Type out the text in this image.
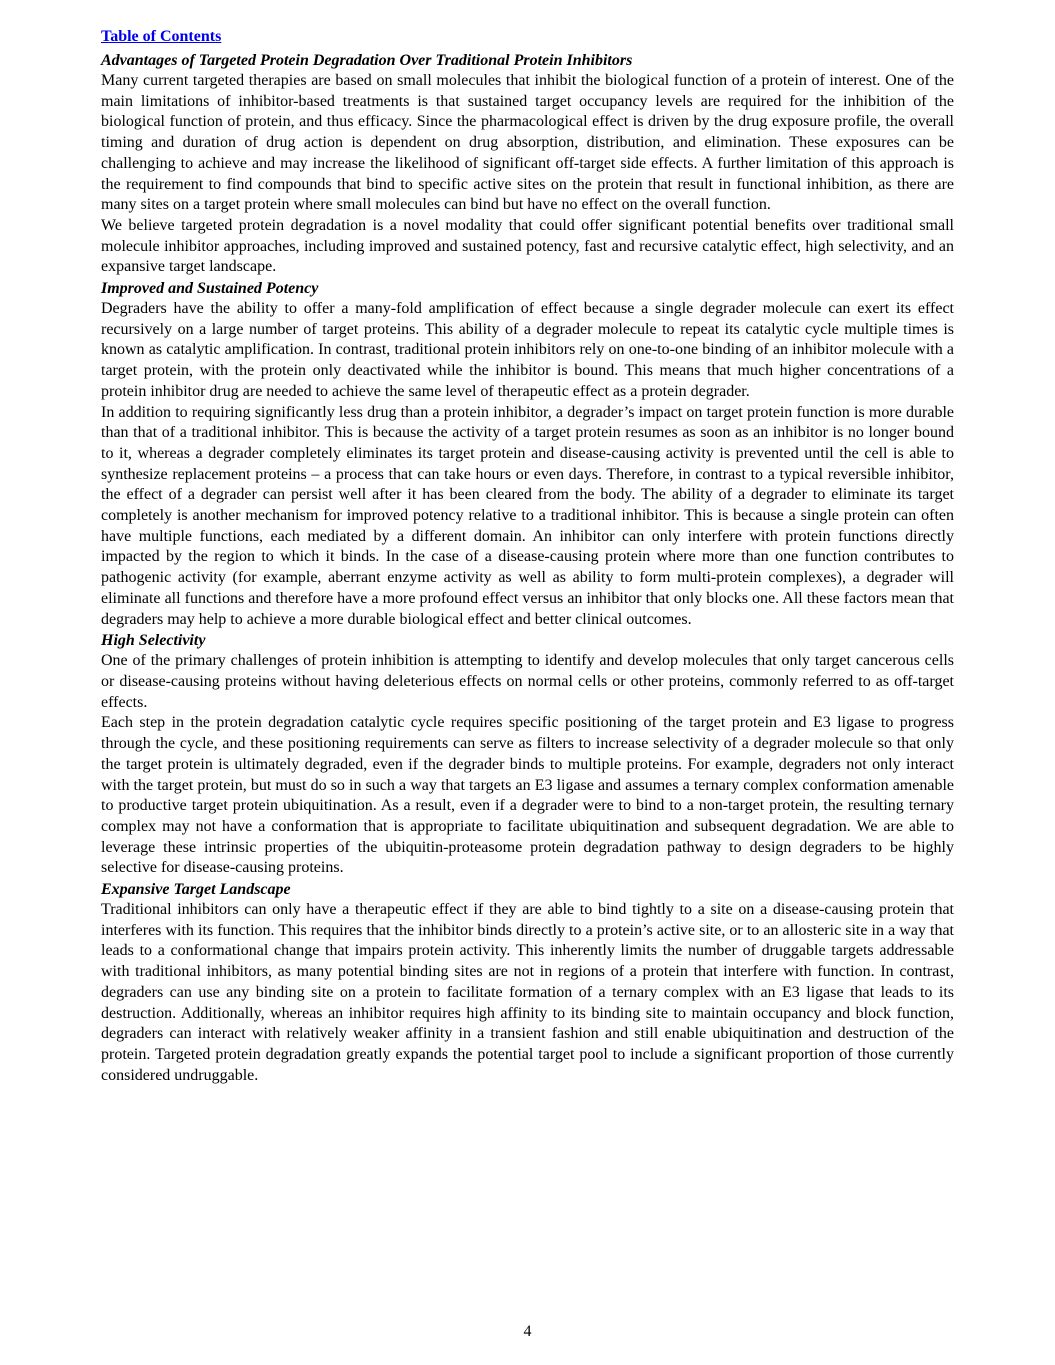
Table of Contents
Advantages of Targeted Protein Degradation Over Traditional Protein Inhibitors

Many current targeted therapies are based on small molecules that inhibit the biological function of a protein of interest. One of the main limitations of inhibitor-based treatments is that sustained target occupancy levels are required for the inhibition of the biological function of protein, and thus efficacy. Since the pharmacological effect is driven by the drug exposure profile, the overall timing and duration of drug action is dependent on drug absorption, distribution, and elimination. These exposures can be challenging to achieve and may increase the likelihood of significant off-target side effects. A further limitation of this approach is the requirement to find compounds that bind to specific active sites on the protein that result in functional inhibition, as there are many sites on a target protein where small molecules can bind but have no effect on the overall function.

We believe targeted protein degradation is a novel modality that could offer significant potential benefits over traditional small molecule inhibitor approaches, including improved and sustained potency, fast and recursive catalytic effect, high selectivity, and an expansive target landscape.

Improved and Sustained Potency

Degraders have the ability to offer a many-fold amplification of effect because a single degrader molecule can exert its effect recursively on a large number of target proteins. This ability of a degrader molecule to repeat its catalytic cycle multiple times is known as catalytic amplification. In contrast, traditional protein inhibitors rely on one-to-one binding of an inhibitor molecule with a target protein, with the protein only deactivated while the inhibitor is bound. This means that much higher concentrations of a protein inhibitor drug are needed to achieve the same level of therapeutic effect as a protein degrader.

In addition to requiring significantly less drug than a protein inhibitor, a degrader’s impact on target protein function is more durable than that of a traditional inhibitor. This is because the activity of a target protein resumes as soon as an inhibitor is no longer bound to it, whereas a degrader completely eliminates its target protein and disease-causing activity is prevented until the cell is able to synthesize replacement proteins – a process that can take hours or even days. Therefore, in contrast to a typical reversible inhibitor, the effect of a degrader can persist well after it has been cleared from the body. The ability of a degrader to eliminate its target completely is another mechanism for improved potency relative to a traditional inhibitor. This is because a single protein can often have multiple functions, each mediated by a different domain. An inhibitor can only interfere with protein functions directly impacted by the region to which it binds. In the case of a disease-causing protein where more than one function contributes to pathogenic activity (for example, aberrant enzyme activity as well as ability to form multi-protein complexes), a degrader will eliminate all functions and therefore have a more profound effect versus an inhibitor that only blocks one. All these factors mean that degraders may help to achieve a more durable biological effect and better clinical outcomes.

High Selectivity

One of the primary challenges of protein inhibition is attempting to identify and develop molecules that only target cancerous cells or disease-causing proteins without having deleterious effects on normal cells or other proteins, commonly referred to as off-target effects.

Each step in the protein degradation catalytic cycle requires specific positioning of the target protein and E3 ligase to progress through the cycle, and these positioning requirements can serve as filters to increase selectivity of a degrader molecule so that only the target protein is ultimately degraded, even if the degrader binds to multiple proteins. For example, degraders not only interact with the target protein, but must do so in such a way that targets an E3 ligase and assumes a ternary complex conformation amenable to productive target protein ubiquitination. As a result, even if a degrader were to bind to a non-target protein, the resulting ternary complex may not have a conformation that is appropriate to facilitate ubiquitination and subsequent degradation. We are able to leverage these intrinsic properties of the ubiquitin-proteasome protein degradation pathway to design degraders to be highly selective for disease-causing proteins.

Expansive Target Landscape

Traditional inhibitors can only have a therapeutic effect if they are able to bind tightly to a site on a disease-causing protein that interferes with its function. This requires that the inhibitor binds directly to a protein’s active site, or to an allosteric site in a way that leads to a conformational change that impairs protein activity. This inherently limits the number of druggable targets addressable with traditional inhibitors, as many potential binding sites are not in regions of a protein that interfere with function. In contrast, degraders can use any binding site on a protein to facilitate formation of a ternary complex with an E3 ligase that leads to its destruction. Additionally, whereas an inhibitor requires high affinity to its binding site to maintain occupancy and block function, degraders can interact with relatively weaker affinity in a transient fashion and still enable ubiquitination and destruction of the protein. Targeted protein degradation greatly expands the potential target pool to include a significant proportion of those currently considered undruggable.

4
